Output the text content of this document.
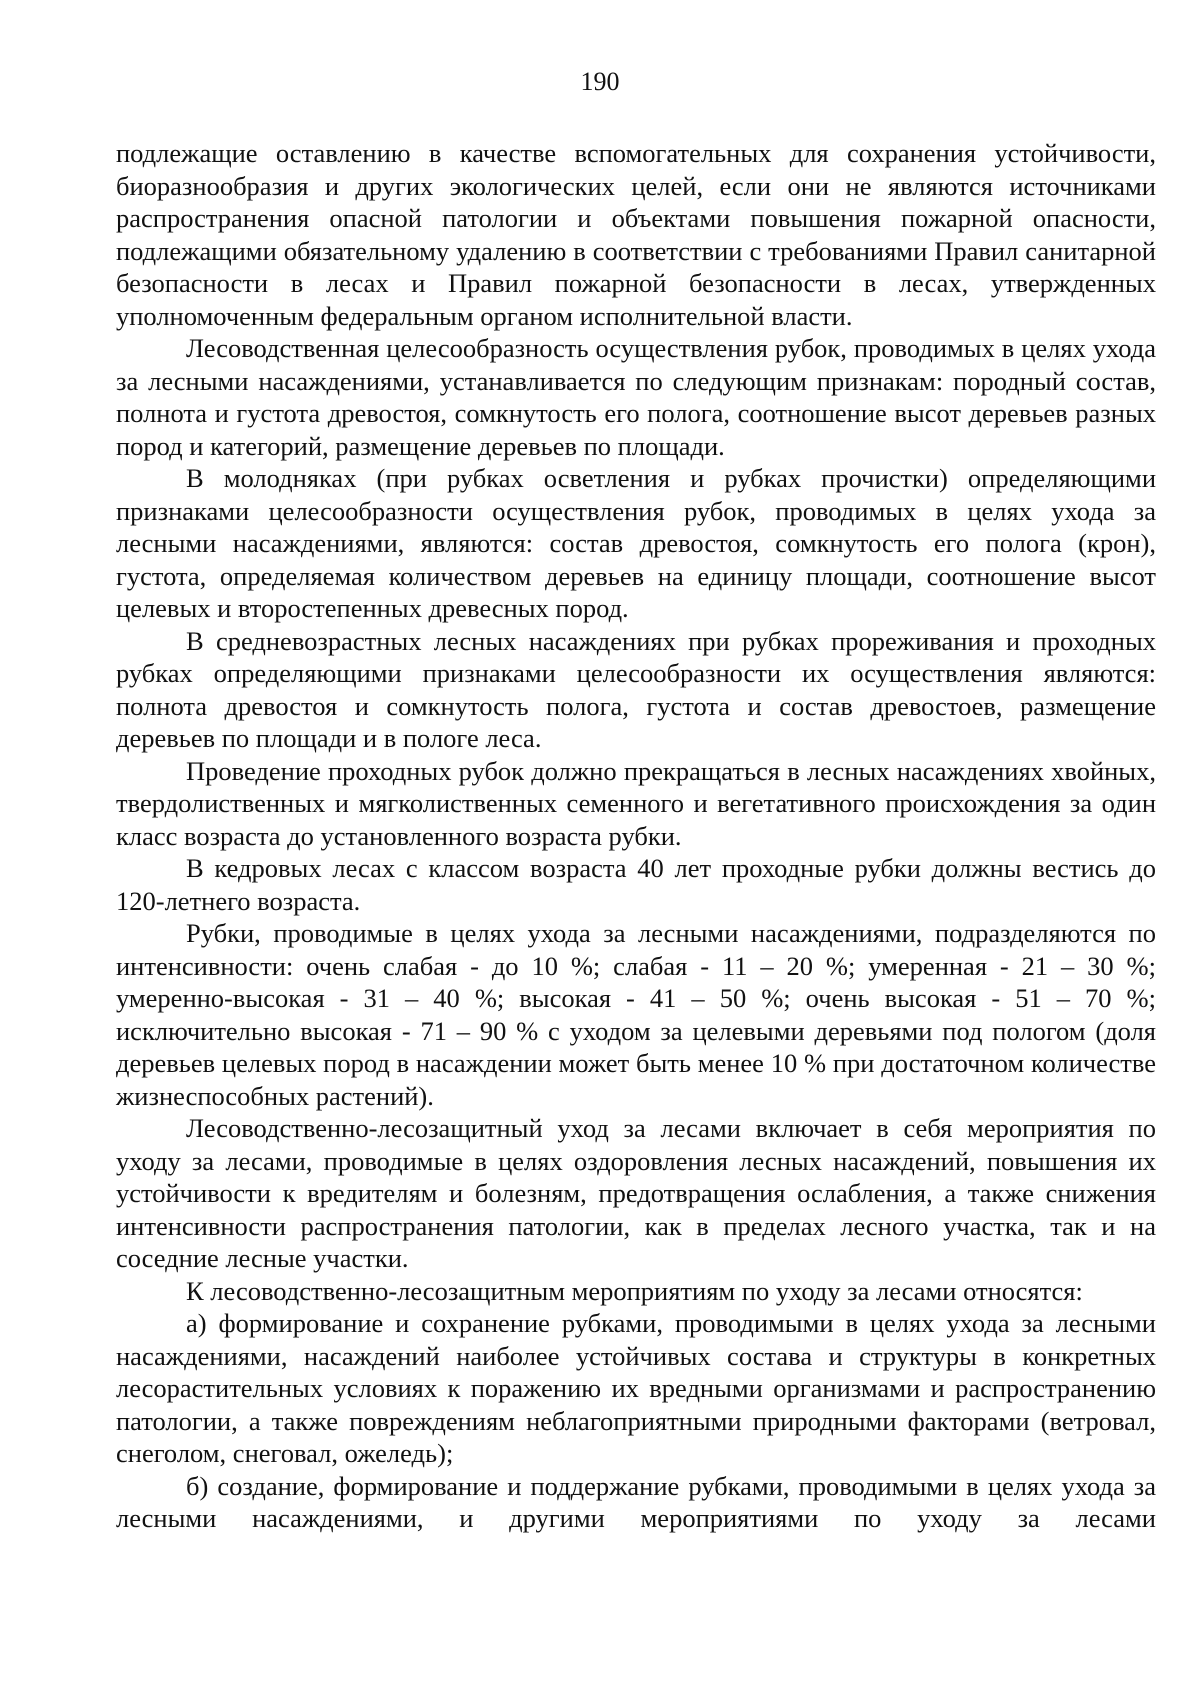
190

подлежащие оставлению в качестве вспомогательных для сохранения устойчивости, биоразнообразия и других экологических целей, если они не являются источниками распространения опасной патологии и объектами повышения пожарной опасности, подлежащими обязательному удалению в соответствии с требованиями Правил санитарной безопасности в лесах и Правил пожарной безопасности в лесах, утвержденных уполномоченным федеральным органом исполнительной власти.

Лесоводственная целесообразность осуществления рубок, проводимых в целях ухода за лесными насаждениями, устанавливается по следующим признакам: породный состав, полнота и густота древостоя, сомкнутость его полога, соотношение высот деревьев разных пород и категорий, размещение деревьев по площади.

В молодняках (при рубках осветления и рубках прочистки) определяющими признаками целесообразности осуществления рубок, проводимых в целях ухода за лесными насаждениями, являются: состав древостоя, сомкнутость его полога (крон), густота, определяемая количеством деревьев на единицу площади, соотношение высот целевых и второстепенных древесных пород.

В средневозрастных лесных насаждениях при рубках прореживания и проходных рубках определяющими признаками целесообразности их осуществления являются: полнота древостоя и сомкнутость полога, густота и состав древостоев, размещение деревьев по площади и в пологе леса.

Проведение проходных рубок должно прекращаться в лесных насаждениях хвойных, твердолиственных и мягколиственных семенного и вегетативного происхождения за один класс возраста до установленного возраста рубки.

В кедровых лесах с классом возраста 40 лет проходные рубки должны вестись до 120-летнего возраста.

Рубки, проводимые в целях ухода за лесными насаждениями, подразделяются по интенсивности: очень слабая - до 10 %; слабая - 11 – 20 %; умеренная - 21 – 30 %; умеренно-высокая - 31 – 40 %; высокая - 41 – 50 %; очень высокая - 51 – 70 %; исключительно высокая - 71 – 90 % с уходом за целевыми деревьями под пологом (доля деревьев целевых пород в насаждении может быть менее 10 % при достаточном количестве жизнеспособных растений).

Лесоводственно-лесозащитный уход за лесами включает в себя мероприятия по уходу за лесами, проводимые в целях оздоровления лесных насаждений, повышения их устойчивости к вредителям и болезням, предотвращения ослабления, а также снижения интенсивности распространения патологии, как в пределах лесного участка, так и на соседние лесные участки.

К лесоводственно-лесозащитным мероприятиям по уходу за лесами относятся:

а) формирование и сохранение рубками, проводимыми в целях ухода за лесными насаждениями, насаждений наиболее устойчивых состава и структуры в конкретных лесорастительных условиях к поражению их вредными организмами и распространению патологии, а также повреждениям неблагоприятными природными факторами (ветровал, снеголом, снеговал, ожеледь);

б) создание, формирование и поддержание рубками, проводимыми в целях ухода за лесными насаждениями, и другими мероприятиями по уходу за лесами
